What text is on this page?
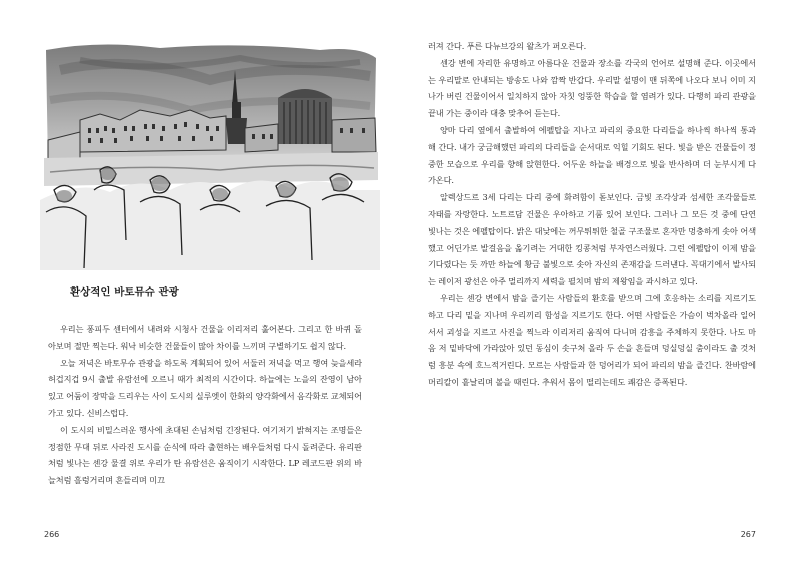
환상적인 바토뮤슈 관광

우리는 퐁피두 센터에서 내려와 시청사 건물을 이리저리 훑어본다. 그리고 한 바퀴 돌아보며 절만 찍는다. 워낙 비슷한 건물들이 많아 차이를 느끼며 구별하기도 쉽지 않다.

오늘 저녁은 바토무슈 관광을 하도록 계획되어 있어 서둘러 저녁을 먹고 행여 늦을세라 허겁지겁 9시 출발 유람선에 오르니 때가 최적의 시간이다. 하늘에는 노을의 잔영이 남아있고 어둠이 장막을 드리우는 사이 도시의 실루엣이 한화의 양각화에서 음각화로 교체되어 가고 있다. 신비스럽다.

이 도시의 비밀스러운 행사에 초대된 손님처럼 긴장된다. 여기저기 밝혀지는 조명들은 정점한 무대 뒤로 사라진 도시를 순식에 따라 출현하는 배우들처럼 다시 돌려준다. 유리판처럼 빛나는 센강 물결 위로 우리가 탄 유람선은 움직이기 시작한다. LP 레코드판 위의 바늘처럼 흘렁거리며 흔들리며 미끄

266

러져 간다. 푸른 다뉴브강의 왈츠가 퍼오른다.

센강 변에 자리한 유명하고 아름다운 건물과 장소를 각국의 언어로 설명해 준다. 이곳에서는 우리말로 안내되는 방송도 나와 깜짝 반갑다. 우리말 설명이 맨 뒤쪽에 나오다 보니 이미 지나가 버린 건물이어서 일치하지 않아 자칫 엉뚱한 학습을 할 염려가 있다. 다행히 파리 관광을 끝내 가는 중이라 대충 맞추어 듣는다.

양마 다리 옆에서 출발하여 에펠탑을 지나고 파리의 중요한 다리들을 하나씩 하나씩 통과해 간다. 내가 궁금해했던 파리의 다리들을 순서대로 익힐 기회도 된다. 빛을 받은 건물들이 정중한 모습으로 우리를 향해 앉현한다. 어두운 하늘을 배경으로 빛을 반사하며 더 눈부시게 다가온다.

알렉상드르 3세 다리는 다리 중에 화려함이 돋보인다. 금빛 조각상과 섬세한 조각물들로 자태를 자랑한다. 노트르담 건물은 우아하고 기품 있어 보인다. 그러나 그 모든 것 중에 단연 빛나는 것은 에펠탑이다. 밝은 대낮에는 꺼무튀튀한 철골 구조물로 혼자만 멍충하게 솟아 어색했고 어딘가로 발걸음을 옮기려는 거대한 킹콩처럼 부자연스러웠다. 그런 에펠탑이 이제 밤을 기다렸다는 듯 까만 하늘에 황금 불빛으로 솟아 자신의 존재감을 드러낸다. 꼭대기에서 발사되는 레이저 광선은 아주 멀리까지 세력을 펼치며 밤의 제왕임을 과시하고 있다.

우리는 센강 변에서 밤을 즐기는 사람들의 환호를 받으며 그에 호응하는 소리를 지르기도 하고 다리 밑을 지나며 우리끼리 함성을 지르기도 한다. 어떤 사람들은 가슴이 벅차올라 일어서서 괴성을 지르고 사진을 찍느라 이리저리 움직여 다니며 감흥을 주체하지 못한다. 나도 마음 저 밑바닥에 가라앉아 있던 동심이 솟구쳐 올라 두 손을 흔들며 덩실덩실 춤이라도 출 것처럼 흥분 속에 흐느적거린다. 모르는 사람들과 한 덩어리가 되어 파리의 밤을 즐긴다. 찬바람에 머리칼이 흩날리며 볼을 때린다. 추워서 몸이 떨리는데도 쾌감은 증폭된다.

267
